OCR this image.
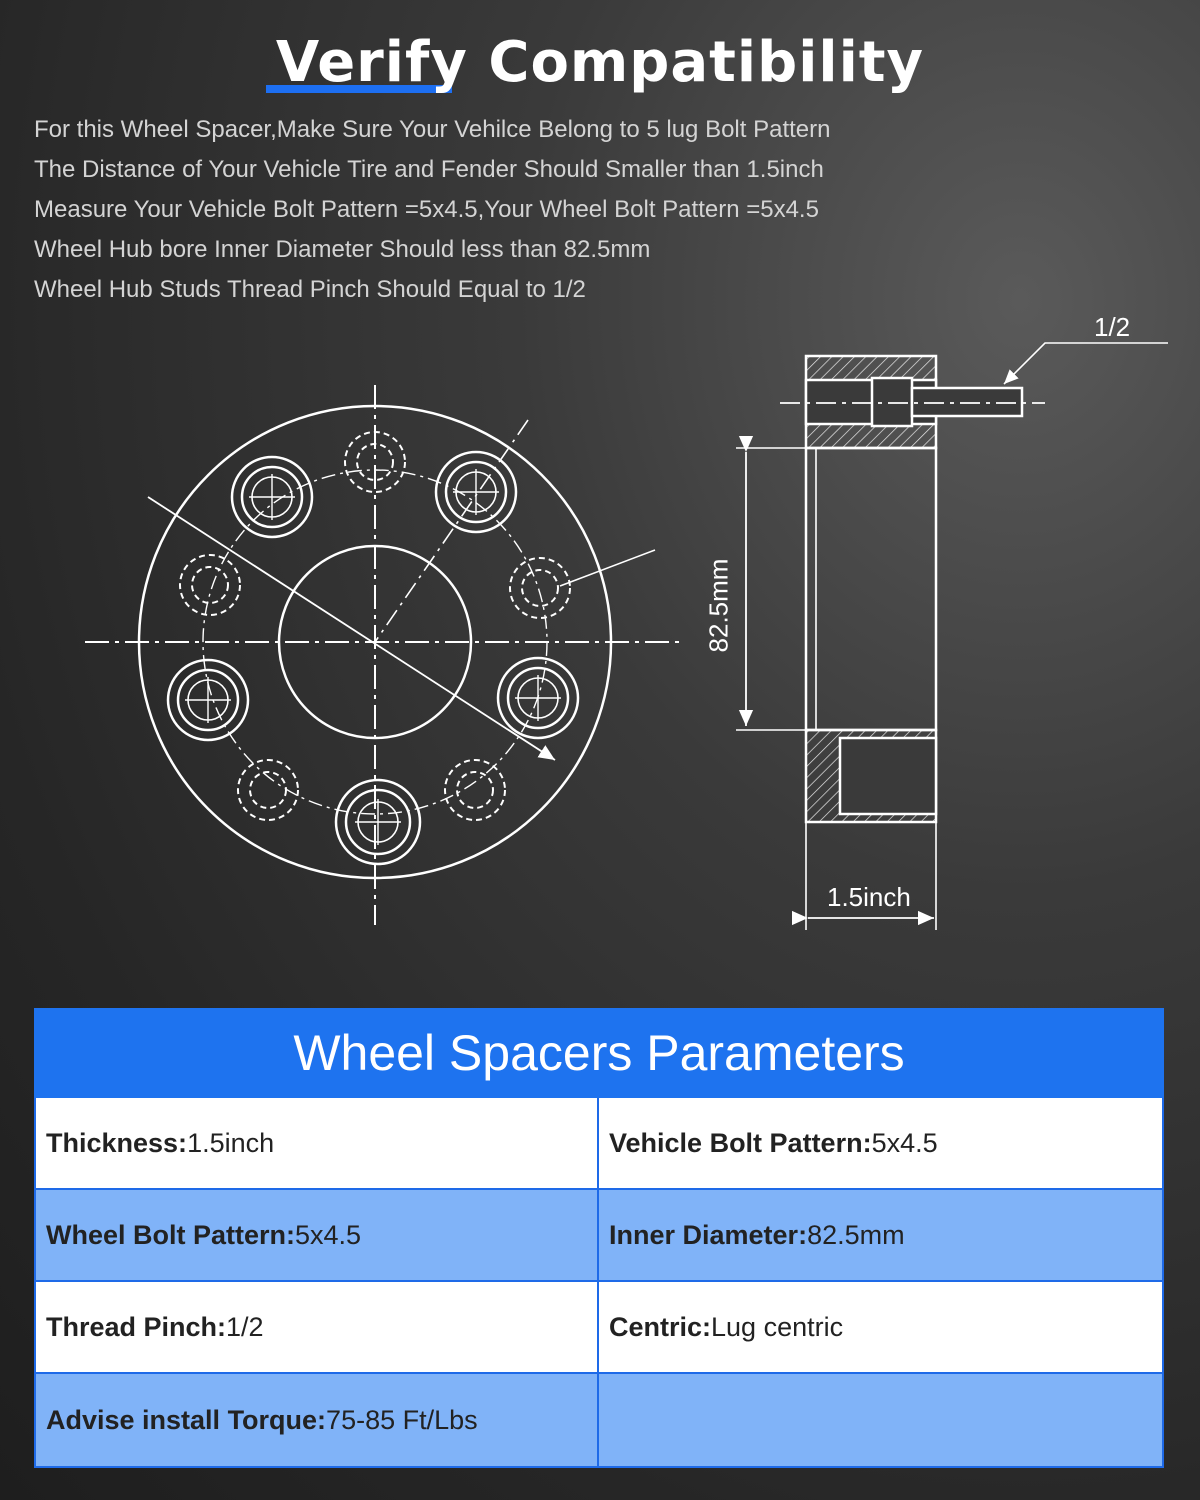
Verify Compatibility
For this Wheel Spacer,Make Sure Your Vehilce Belong to 5 lug Bolt Pattern
The Distance of Your Vehicle Tire and Fender Should Smaller than 1.5inch
Measure Your Vehicle Bolt Pattern =5x4.5,Your Wheel Bolt Pattern =5x4.5
Wheel Hub bore Inner Diameter Should less than 82.5mm
Wheel Hub Studs Thread Pinch Should Equal to 1/2
1/2
82.5mm
1.5inch
Wheel Spacers Parameters
Thickness: 1.5inch	Vehicle Bolt Pattern: 5x4.5
Wheel Bolt Pattern: 5x4.5	Inner Diameter: 82.5mm
Thread Pinch: 1/2	Centric: Lug centric
Advise install Torque: 75-85 Ft/Lbs
